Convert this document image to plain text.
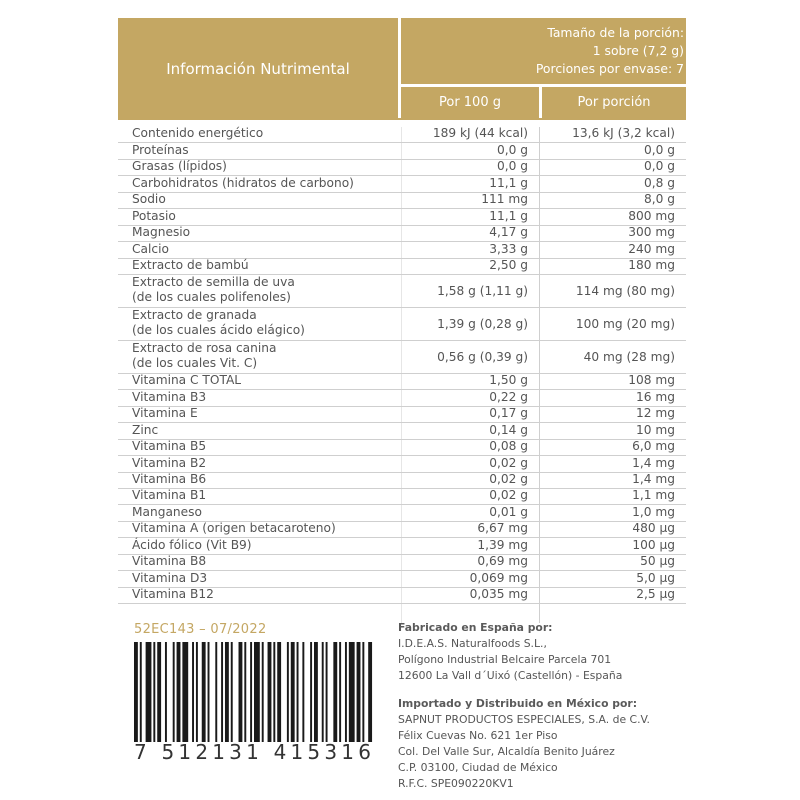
Información Nutrimental
Tamaño de la porción:
1 sobre (7,2 g)
Porciones por envase: 7
Por 100 g	Por porción
Contenido energético	189 kJ (44 kcal)	13,6 kJ (3,2 kcal)
Proteínas	0,0 g	0,0 g
Grasas (lípidos)	0,0 g	0,0 g
Carbohidratos (hidratos de carbono)	11,1 g	0,8 g
Sodio	111 mg	8,0 g
Potasio	11,1 g	800 mg
Magnesio	4,17 g	300 mg
Calcio	3,33 g	240 mg
Extracto de bambú	2,50 g	180 mg
Extracto de semilla de uva
(de los cuales polifenoles)	1,58 g (1,11 g)	114 mg (80 mg)
Extracto de granada
(de los cuales ácido elágico)	1,39 g (0,28 g)	100 mg (20 mg)
Extracto de rosa canina
(de los cuales Vit. C)	0,56 g (0,39 g)	40 mg (28 mg)
Vitamina C TOTAL	1,50 g	108 mg
Vitamina B3	0,22 g	16 mg
Vitamina E	0,17 g	12 mg
Zinc	0,14 g	10 mg
Vitamina B5	0,08 g	6,0 mg
Vitamina B2	0,02 g	1,4 mg
Vitamina B6	0,02 g	1,4 mg
Vitamina B1	0,02 g	1,1 mg
Manganeso	0,01 g	1,0 mg
Vitamina A (origen betacaroteno)	6,67 mg	480 µg
Ácido fólico (Vit B9)	1,39 mg	100 µg
Vitamina B8	0,69 mg	50 µg
Vitamina D3	0,069 mg	5,0 µg
Vitamina B12	0,035 mg	2,5 µg
52EC143 – 07/2022
7 512131 415316
Fabricado en España por:
I.D.E.A.S. Naturalfoods S.L.,
Polígono Industrial Belcaire Parcela 701
12600 La Vall d´Uixó (Castellón) - España
Importado y Distribuido en México por:
SAPNUT PRODUCTOS ESPECIALES, S.A. de C.V.
Félix Cuevas No. 621 1er Piso
Col. Del Valle Sur, Alcaldía Benito Juárez
C.P. 03100, Ciudad de México
R.F.C. SPE090220KV1
